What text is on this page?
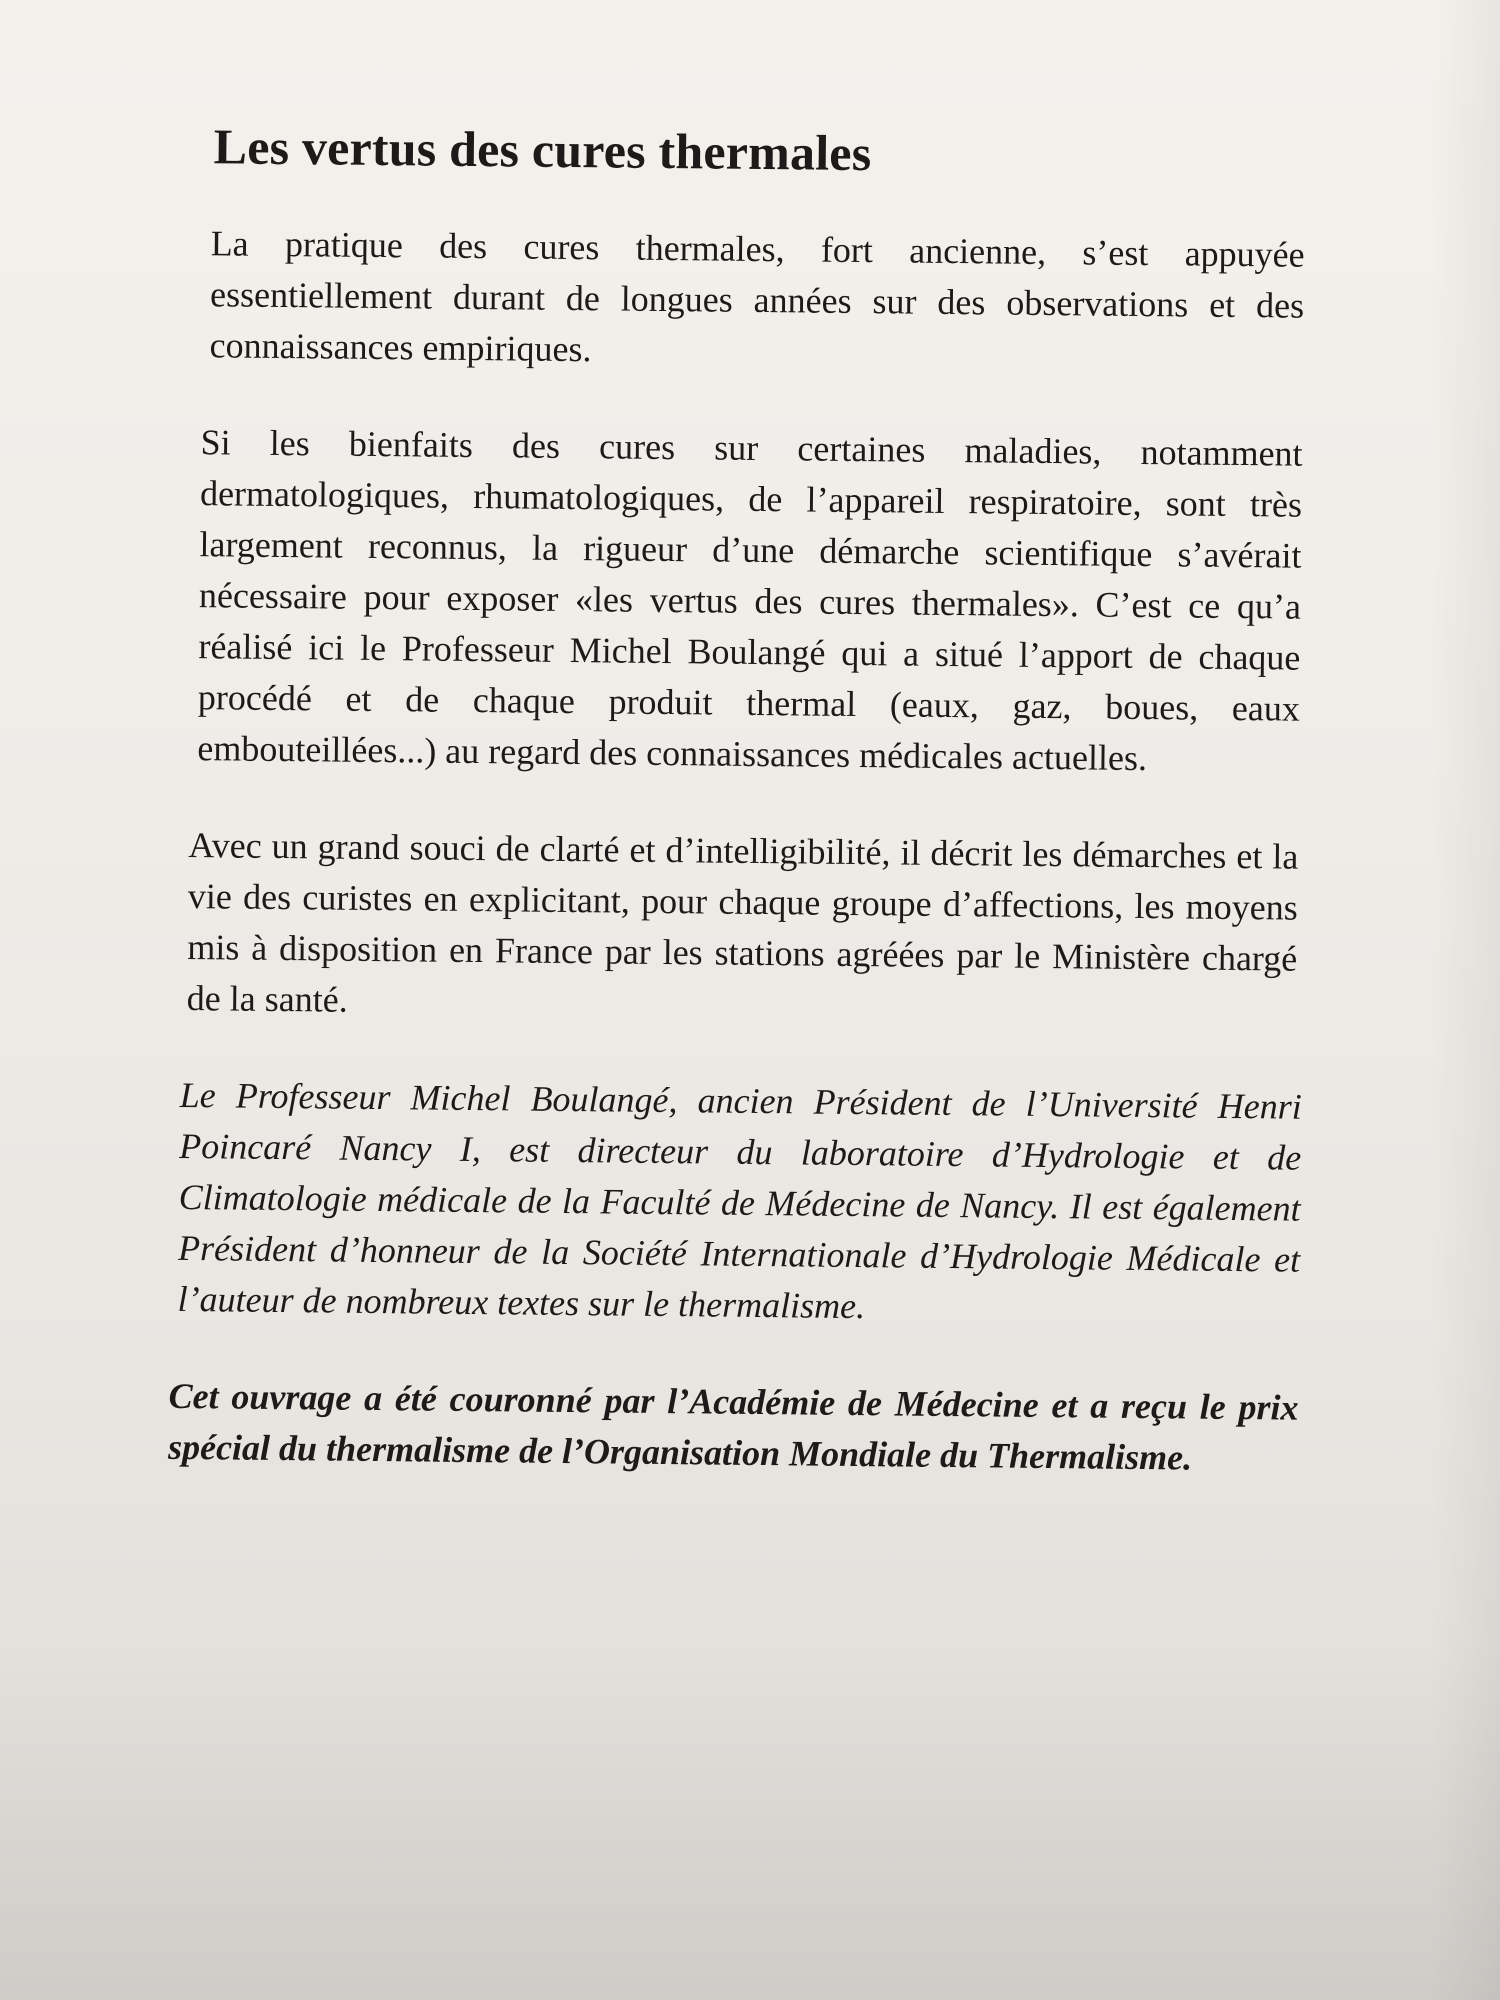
Les vertus des cures thermales

La pratique des cures thermales, fort ancienne, s’est appuyée essentiellement durant de longues années sur des observations et des connaissances empiriques.

Si les bienfaits des cures sur certaines maladies, notamment dermatologiques, rhumatologiques, de l’appareil respiratoire, sont très largement reconnus, la rigueur d’une démarche scientifique s’avérait nécessaire pour exposer «les vertus des cures thermales». C’est ce qu’a réalisé ici le Professeur Michel Boulangé qui a situé l’apport de chaque procédé et de chaque produit thermal (eaux, gaz, boues, eaux embouteillées...) au regard des connaissances médicales actuelles.

Avec un grand souci de clarté et d’intelligibilité, il décrit les démarches et la vie des curistes en explicitant, pour chaque groupe d’affections, les moyens mis à disposition en France par les stations agréées par le Ministère chargé de la santé.

Le Professeur Michel Boulangé, ancien Président de l’Université Henri Poincaré Nancy I, est directeur du laboratoire d’Hydrologie et de Climatologie médicale de la Faculté de Médecine de Nancy. Il est également Président d’honneur de la Société Internationale d’Hydrologie Médicale et l’auteur de nombreux textes sur le thermalisme.

Cet ouvrage a été couronné par l’Académie de Médecine et a reçu le prix spécial du thermalisme de l’Organisation Mondiale du Thermalisme.
